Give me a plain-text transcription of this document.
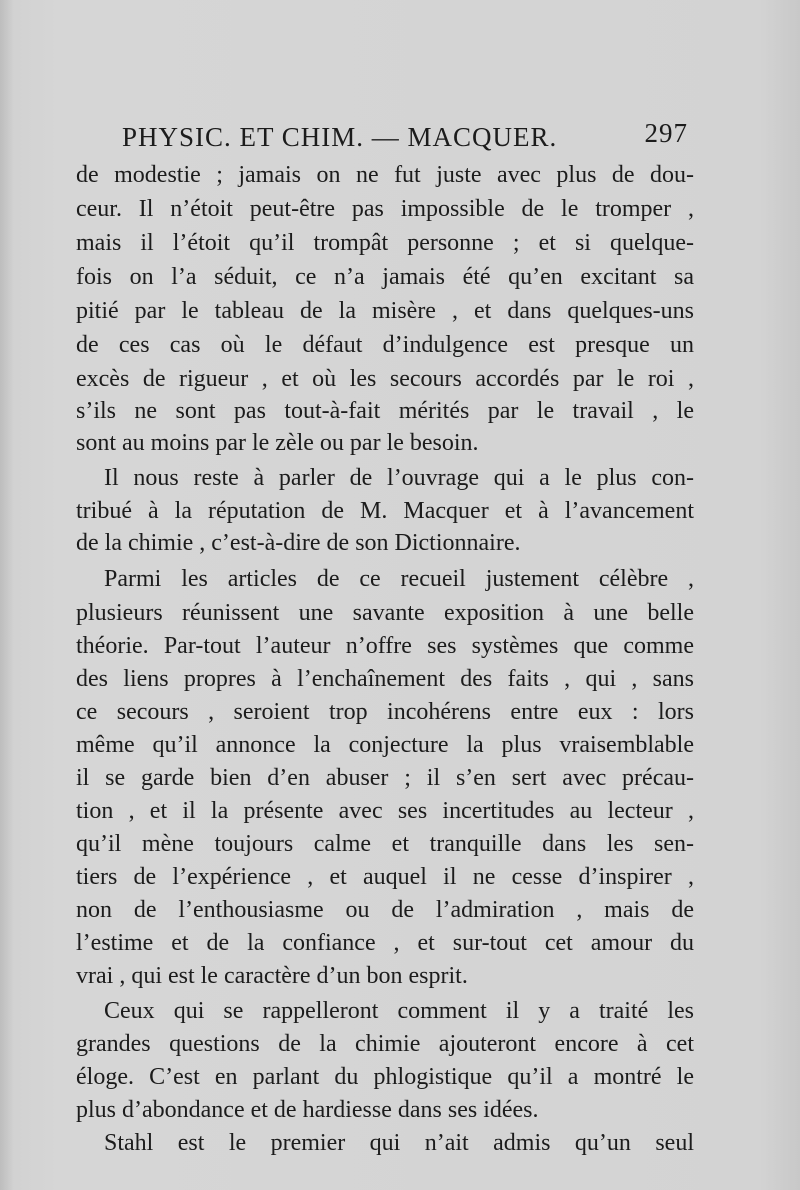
PHYSIC. ET CHIM. — MACQUER.	297
de modestie ; jamais on ne fut juste avec plus de dou-
ceur. Il n’étoit peut-être pas impossible de le tromper ,
mais il l’étoit qu’il trompât personne ; et si quelque-
fois on l’a séduit, ce n’a jamais été qu’en excitant sa
pitié par le tableau de la misère , et dans quelques-uns
de ces cas où le défaut d’indulgence est presque un
excès de rigueur , et où les secours accordés par le roi ,
s’ils ne sont pas tout-à-fait mérités par le travail , le
sont au moins par le zèle ou par le besoin.
Il nous reste à parler de l’ouvrage qui a le plus con-
tribué à la réputation de M. Macquer et à l’avancement
de la chimie , c’est-à-dire de son Dictionnaire.
Parmi les articles de ce recueil justement célèbre ,
plusieurs réunissent une savante exposition à une belle
théorie. Par-tout l’auteur n’offre ses systèmes que comme
des liens propres à l’enchaînement des faits , qui , sans
ce secours , seroient trop incohérens entre eux : lors
même qu’il annonce la conjecture la plus vraisemblable
il se garde bien d’en abuser ; il s’en sert avec précau-
tion , et il la présente avec ses incertitudes au lecteur ,
qu’il mène toujours calme et tranquille dans les sen-
tiers de l’expérience , et auquel il ne cesse d’inspirer ,
non de l’enthousiasme ou de l’admiration , mais de
l’estime et de la confiance , et sur-tout cet amour du
vrai , qui est le caractère d’un bon esprit.
Ceux qui se rappelleront comment il y a traité les
grandes questions de la chimie ajouteront encore à cet
éloge. C’est en parlant du phlogistique qu’il a montré le
plus d’abondance et de hardiesse dans ses idées.
Stahl est le premier qui n’ait admis qu’un seul
